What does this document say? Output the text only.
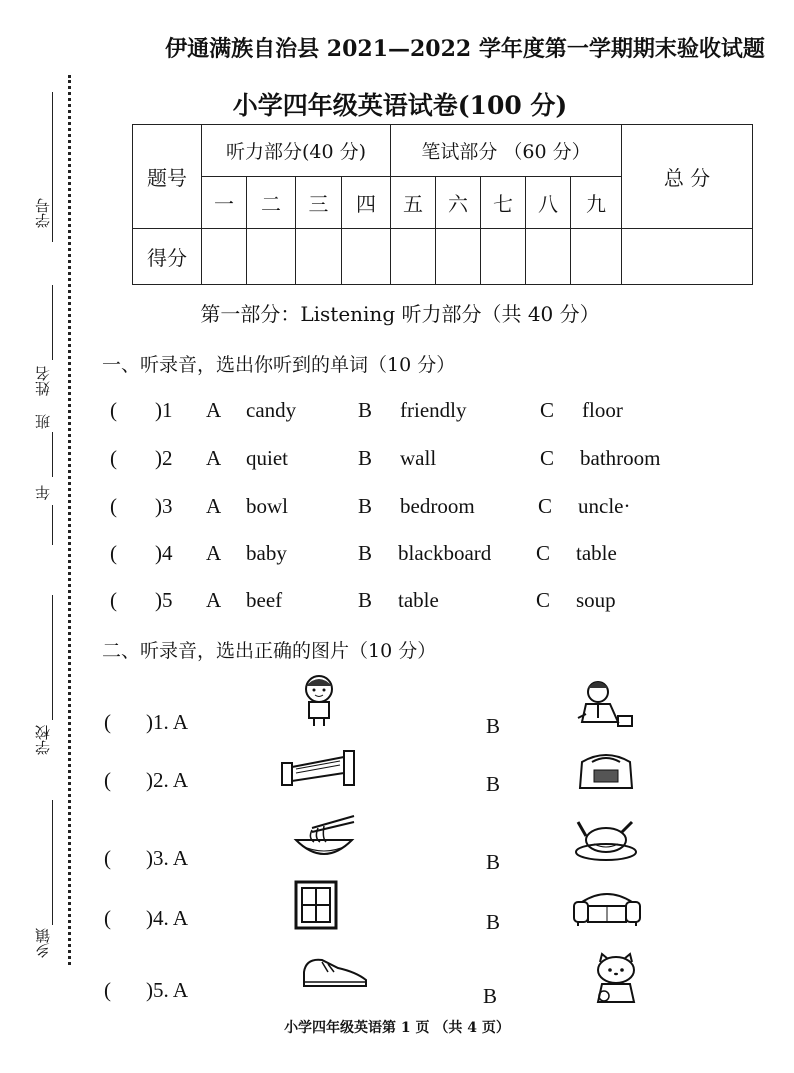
学号
姓名
班
年
学校
乡镇
伊通满族自治县 2021—2022 学年度第一学期期末验收试题
小学四年级英语试卷(100 分)
题号	听力部分(40 分)				笔试部分 （60 分）					总 分
	一	二	三	四	五	六	七	八	九	
得分										
第一部分：Listening 听力部分（共 40 分）
一、听录音，选出你听到的单词（10 分）
( )1 A candy	B friendly	C floor
( )2 A quiet	B wall	C bathroom
( )3 A bowl	B bedroom	C uncle·
( )4 A baby	B blackboard C table
( )5 A beef	B table	C soup
二、听录音，选出正确的图片（10 分）
( )1. A	B
( )2. A	B
( )3. A	B
( )4. A	B
( )5. A	B
小学四年级英语第 1 页 （共 4 页）
